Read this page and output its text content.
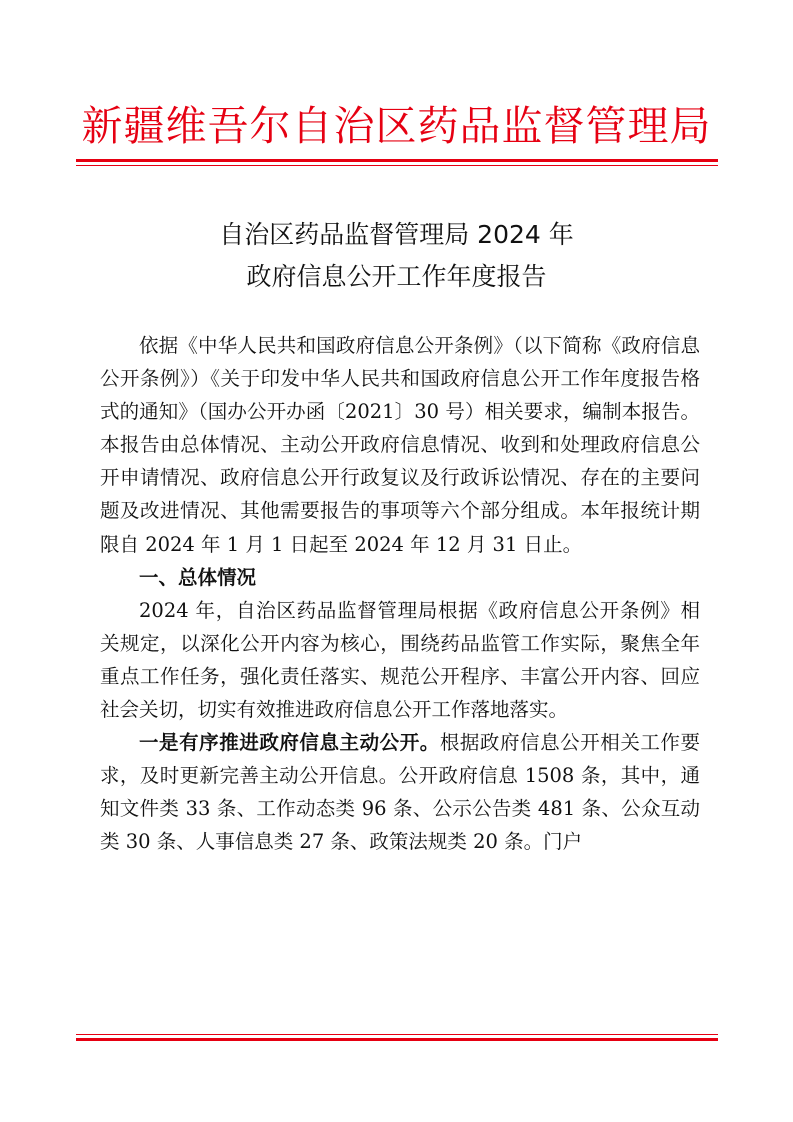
新疆维吾尔自治区药品监督管理局
自治区药品监督管理局 2024 年
政府信息公开工作年度报告

依据《中华人民共和国政府信息公开条例》（以下简称《政府信息公开条例》）《关于印发中华人民共和国政府信息公开工作年度报告格式的通知》（国办公开办函〔2021〕30 号）相关要求，编制本报告。本报告由总体情况、主动公开政府信息情况、收到和处理政府信息公开申请情况、政府信息公开行政复议及行政诉讼情况、存在的主要问题及改进情况、其他需要报告的事项等六个部分组成。本年报统计期限自 2024 年 1 月 1 日起至 2024 年 12 月 31 日止。

一、总体情况

2024 年，自治区药品监督管理局根据《政府信息公开条例》相关规定，以深化公开内容为核心，围绕药品监管工作实际，聚焦全年重点工作任务，强化责任落实、规范公开程序、丰富公开内容、回应社会关切，切实有效推进政府信息公开工作落地落实。

一是有序推进政府信息主动公开。根据政府信息公开相关工作要求，及时更新完善主动公开信息。公开政府信息 1508 条，其中，通知文件类 33 条、工作动态类 96 条、公示公告类 481 条、公众互动类 30 条、人事信息类 27 条、政策法规类 20 条。门户
